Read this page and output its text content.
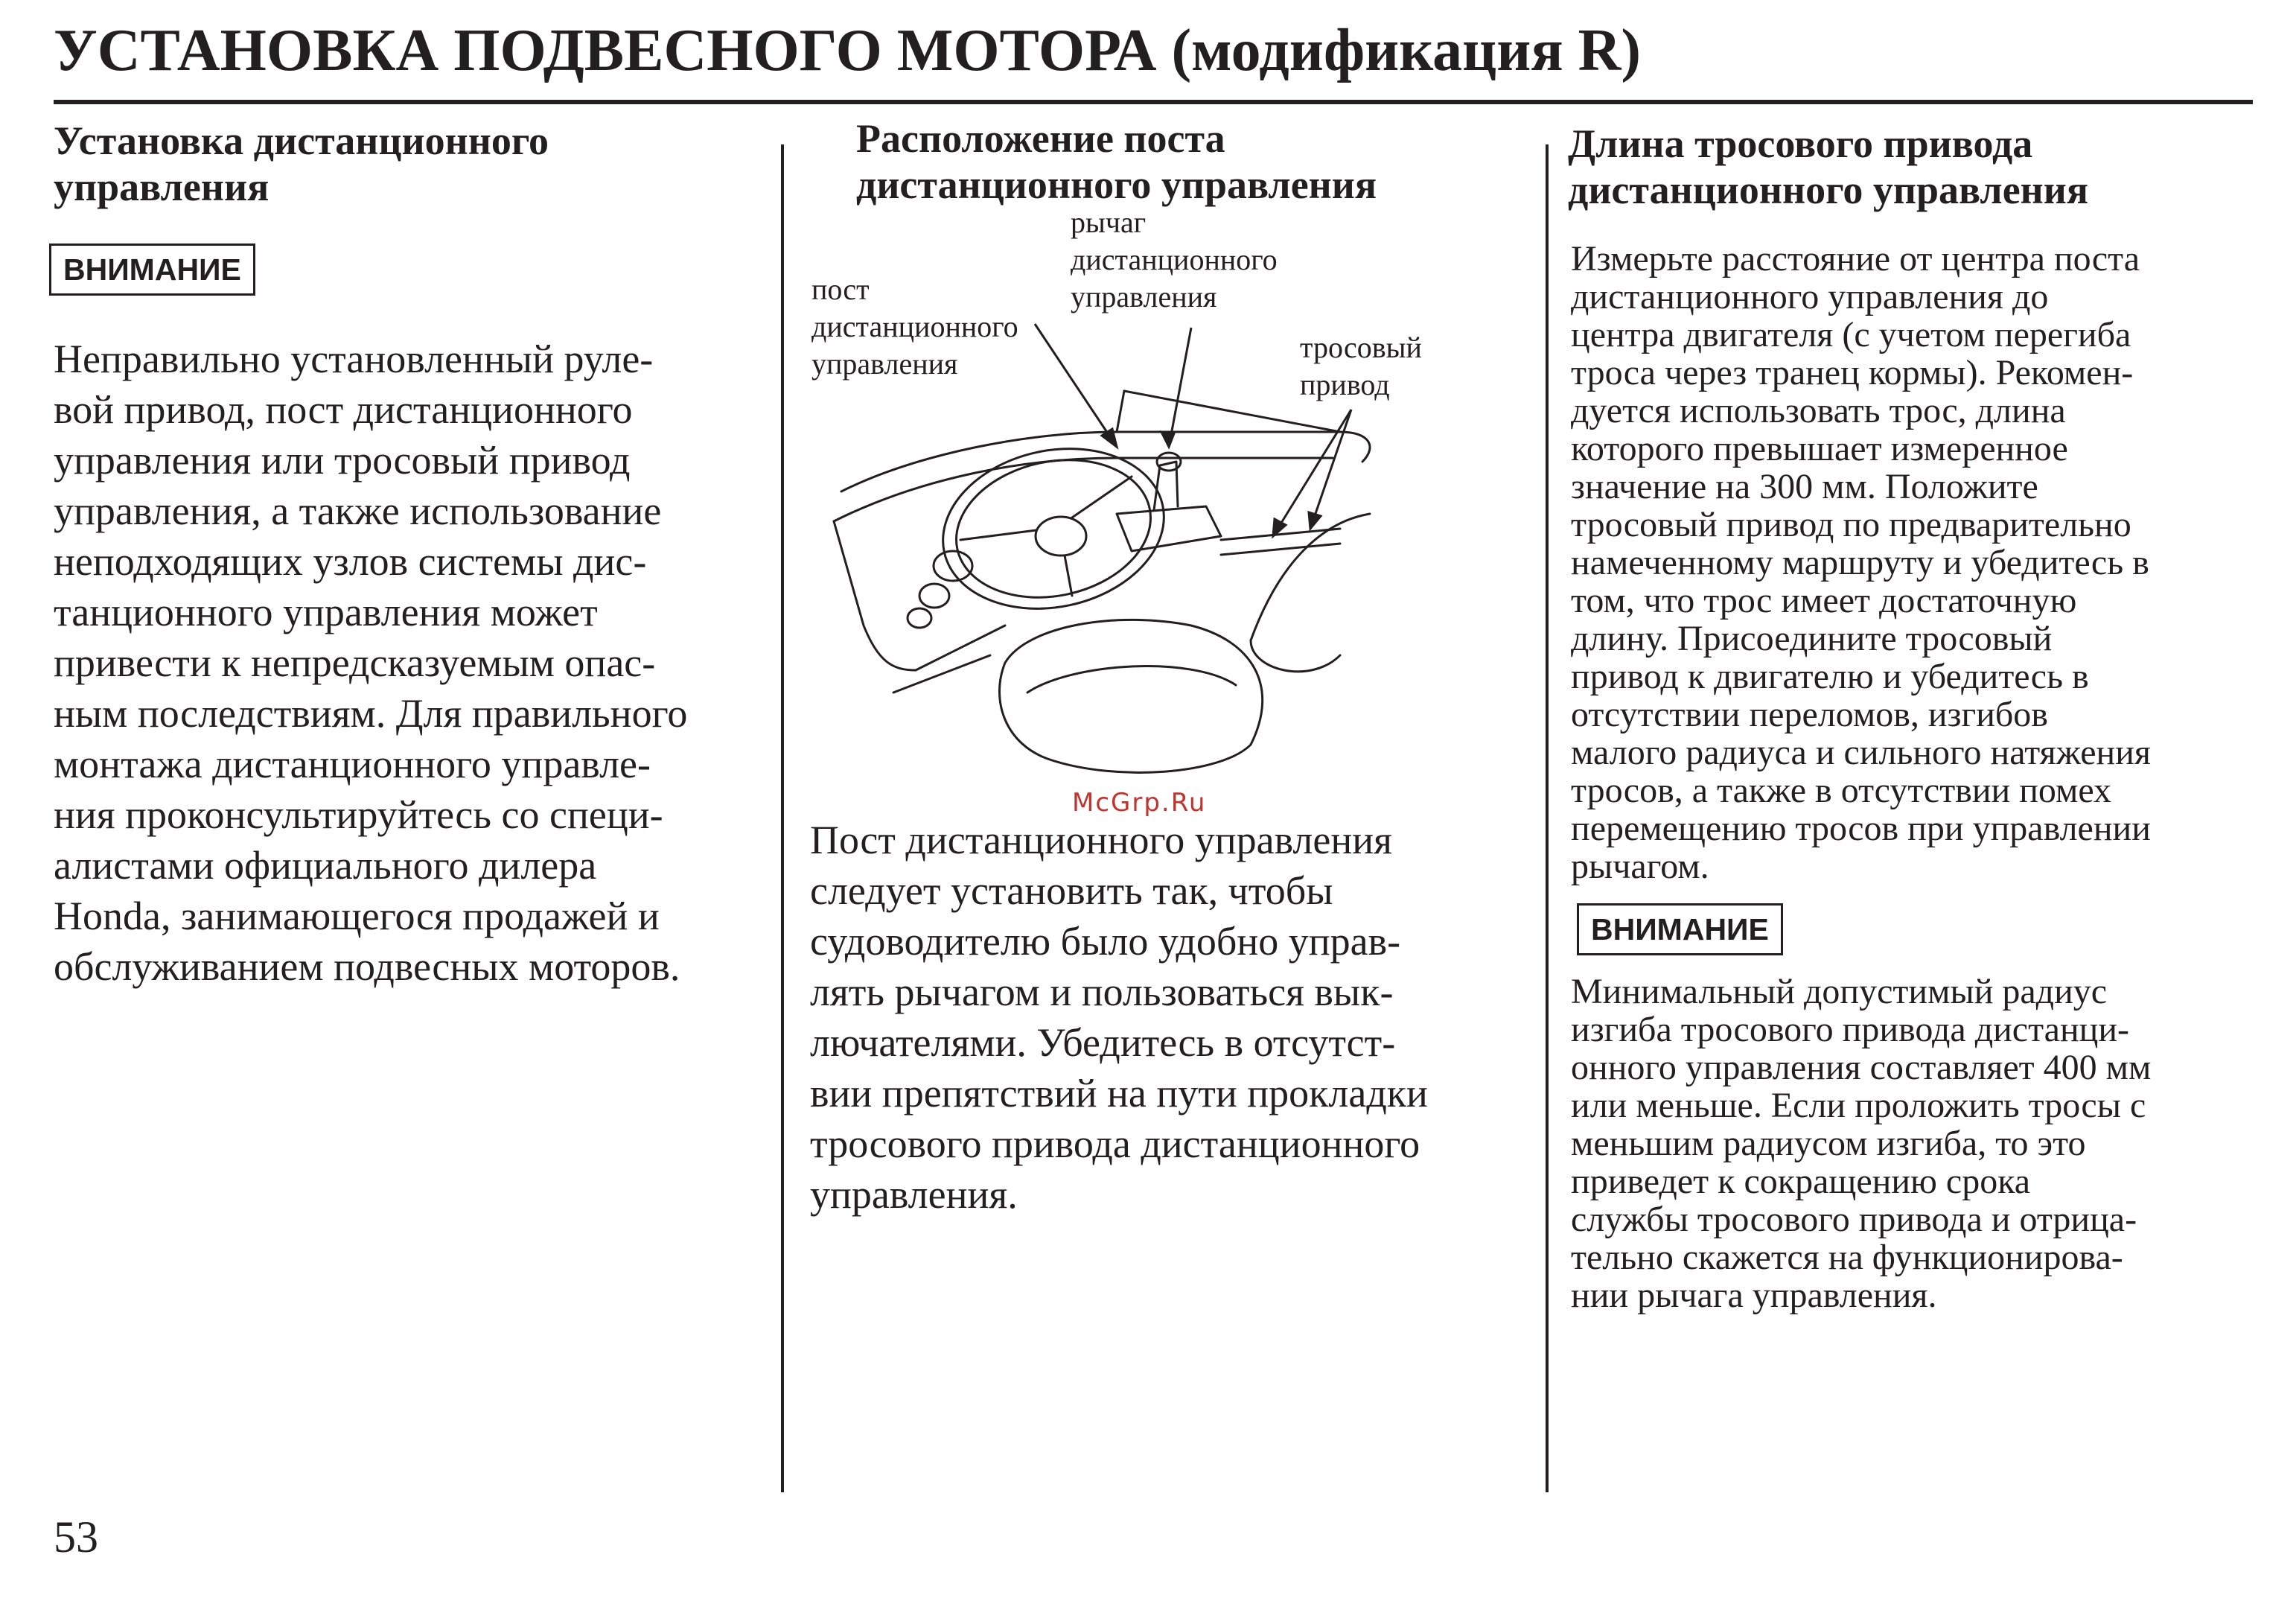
УСТАНОВКА ПОДВЕСНОГО МОТОРА (модификация R)
Установка дистанционного
управления
ВНИМАНИЕ
Неправильно установленный руле-
вой привод, пост дистанционного
управления или тросовый привод
управления, а также использование
неподходящих узлов системы дис-
танционного управления может
привести к непредсказуемым опас-
ным последствиям. Для правильного
монтажа дистанционного управле-
ния проконсультируйтесь со специ-
алистами официального дилера
Honda, занимающегося продажей и
обслуживанием подвесных моторов.
Расположение поста
дистанционного управления
пост дистанционного управления
рычаг дистанционного управления
тросовый привод
McGrp.Ru
Пост дистанционного управления
следует установить так, чтобы
судоводителю было удобно управ-
лять рычагом и пользоваться вык-
лючателями. Убедитесь в отсутст-
вии препятствий на пути прокладки
тросового привода дистанционного
управления.
Длина тросового привода
дистанционного управления
Измерьте расстояние от центра поста
дистанционного управления до
центра двигателя (с учетом перегиба
троса через транец кормы). Рекомен-
дуется использовать трос, длина
которого превышает измеренное
значение на 300 мм. Положите
тросовый привод по предварительно
намеченному маршруту и убедитесь в
том, что трос имеет достаточную
длину. Присоедините тросовый
привод к двигателю и убедитесь в
отсутствии переломов, изгибов
малого радиуса и сильного натяжения
тросов, а также в отсутствии помех
перемещению тросов при управлении
рычагом.
ВНИМАНИЕ
Минимальный допустимый радиус
изгиба тросового привода дистанци-
онного управления составляет 400 мм
или меньше. Если проложить тросы с
меньшим радиусом изгиба, то это
приведет к сокращению срока
службы тросового привода и отрица-
тельно скажется на функционирова-
нии рычага управления.
53
